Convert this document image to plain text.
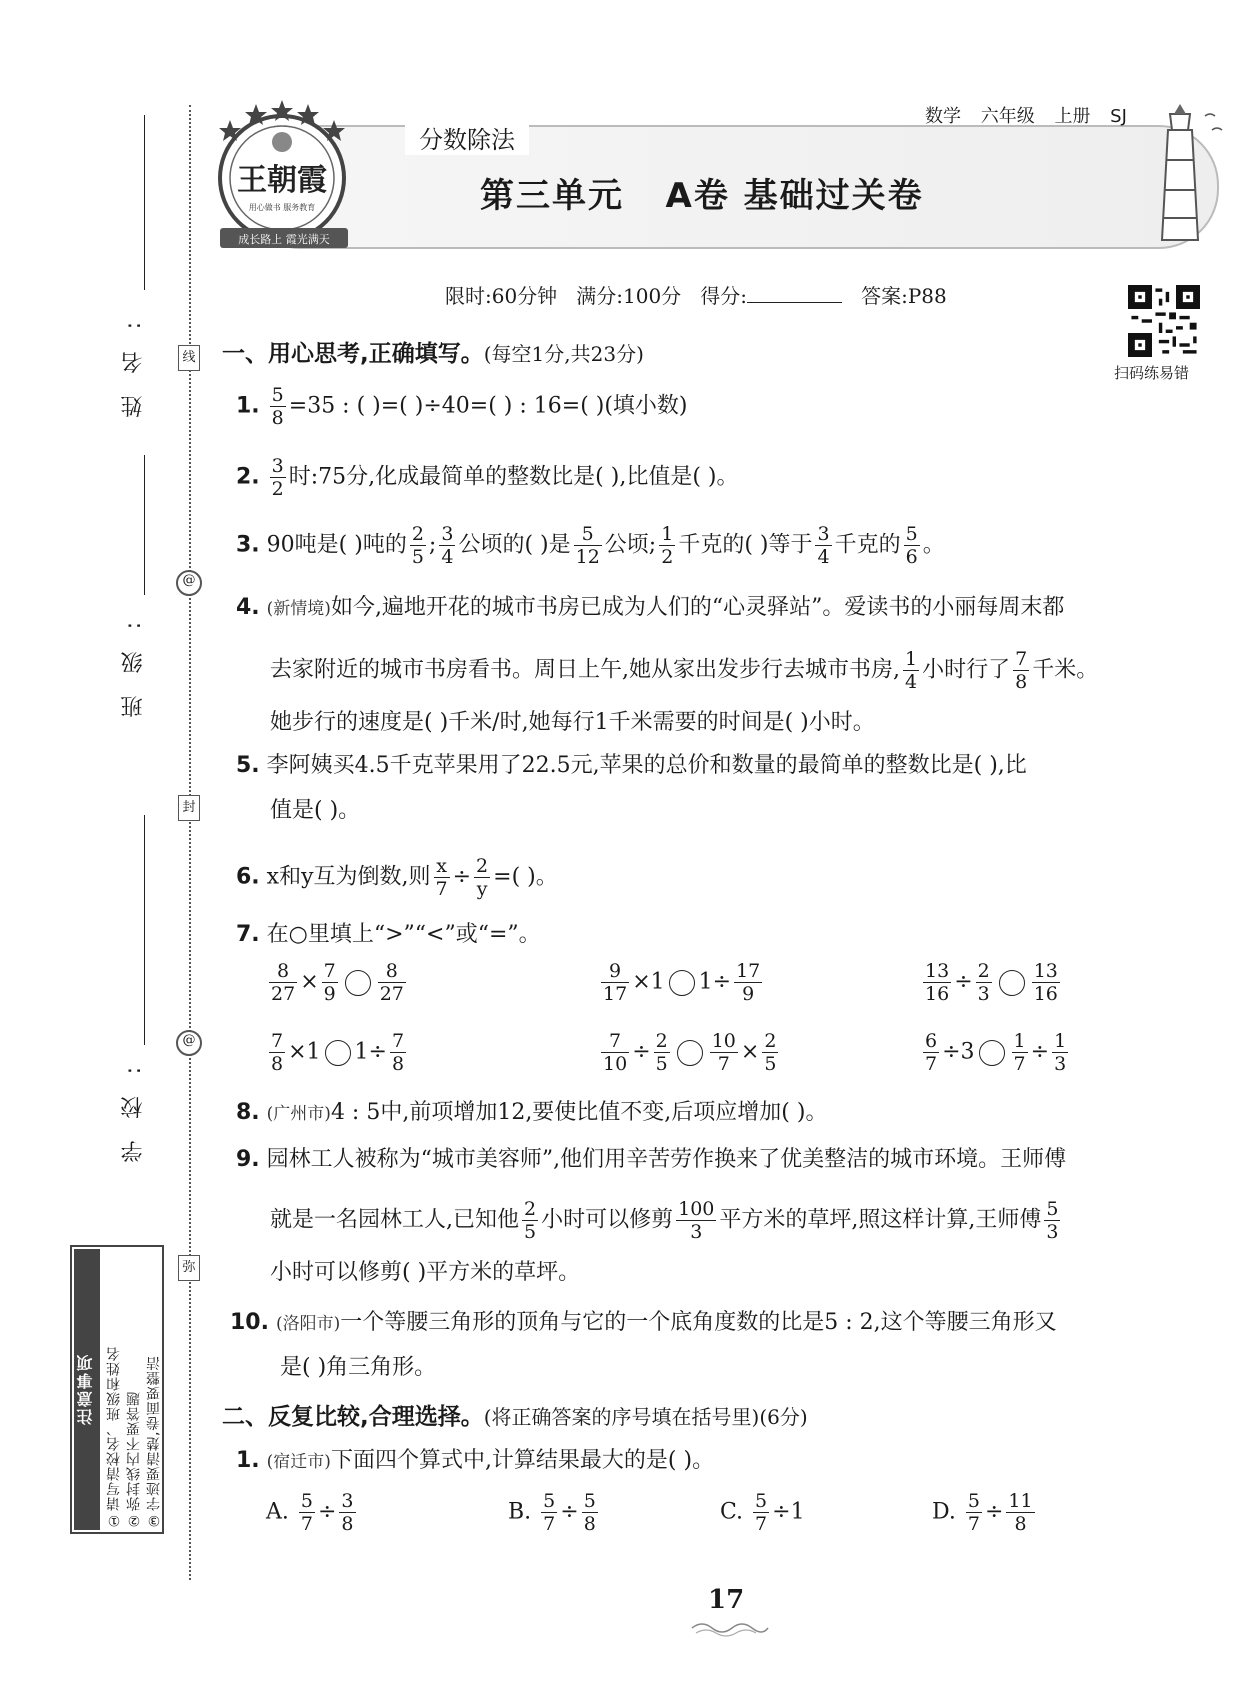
姓名:
班级:
学校:
线
@
封
@
弥
注意事项 ①请写清校名、班级和姓名 ②弥封线内不要答题 ③字迹要清楚,卷面要整洁
王朝霞
用心做书 服务教育
成长路上 霞光满天
分数除法
数学 六年级 上册 SJ
第三单元   A卷 基础过关卷
限时:60分钟 满分:100分 得分:	答案:P88
扫码练易错
一、用心思考,正确填写。(每空1分,共23分)
1. $\frac{5}{8} =35$ : ( )=( )÷40=( ) : 16=( )(填小数)
2. $\frac{3}{2}$ 时:75分,化成最简单的整数比是( ),比值是( )。
3. 90吨是( )吨的 $\frac{2}{5}$ ; $\frac{3}{4}$ 公顷的( )是 $\frac{5}{12}$ 公顷; $\frac{1}{2}$ 千克的( )等于 $\frac{3}{4}$ 千克的 $\frac{5}{6}$ 。
4. (新情境)如今,遍地开花的城市书房已成为人们的“心灵驿站”。爱读书的小丽每周末都
去家附近的城市书房看书。周日上午,她从家出发步行去城市书房, $\frac{1}{4}$ 小时行了 $\frac{7}{8}$ 千米。
她步行的速度是( )千米/时,她每行1千米需要的时间是( )小时。
5. 李阿姨买4.5千克苹果用了22.5元,苹果的总价和数量的最简单的整数比是( ),比
值是( )。
6. x和y互为倒数,则 $\frac{x}{7} \div \frac{2}{y}$ =( )。
7. 在○里填上“>”“<”或“=”。
$\frac{8}{27} \times \frac{7}{9} \frac{8}{27}$	$\frac{9}{17} \times 1$ $1\div \frac{17}{9}$	$\frac{13}{16} \div \frac{2}{3} \frac{13}{16}$
$\frac{7}{8} \times 1$ $1\div \frac{7}{8}$	$\frac{7}{10} \div \frac{2}{5} \frac{10}{7} \times \frac{2}{5}$	$\frac{6}{7} \div 3 \frac{1}{7} \div \frac{1}{3}$
8. (广州市)4 : 5中,前项增加12,要使比值不变,后项应增加( )。
9. 园林工人被称为“城市美容师”,他们用辛苦劳作换来了优美整洁的城市环境。王师傅
就是一名园林工人,已知他 $\frac{2}{5}$ 小时可以修剪 $\frac{100}{3}$ 平方米的草坪,照这样计算,王师傅 $\frac{5}{3}$
小时可以修剪( )平方米的草坪。
10. (洛阳市)一个等腰三角形的顶角与它的一个底角度数的比是5 : 2,这个等腰三角形又
是( )角三角形。
二、反复比较,合理选择。(将正确答案的序号填在括号里)(6分)
1. (宿迁市)下面四个算式中,计算结果最大的是( )。
A. $\frac{5}{7} \div \frac{3}{8}$	B. $\frac{5}{7} \div \frac{5}{8}$	C. $\frac{5}{7} \div 1$	D. $\frac{5}{7} \div \frac{11}{8}$
17
